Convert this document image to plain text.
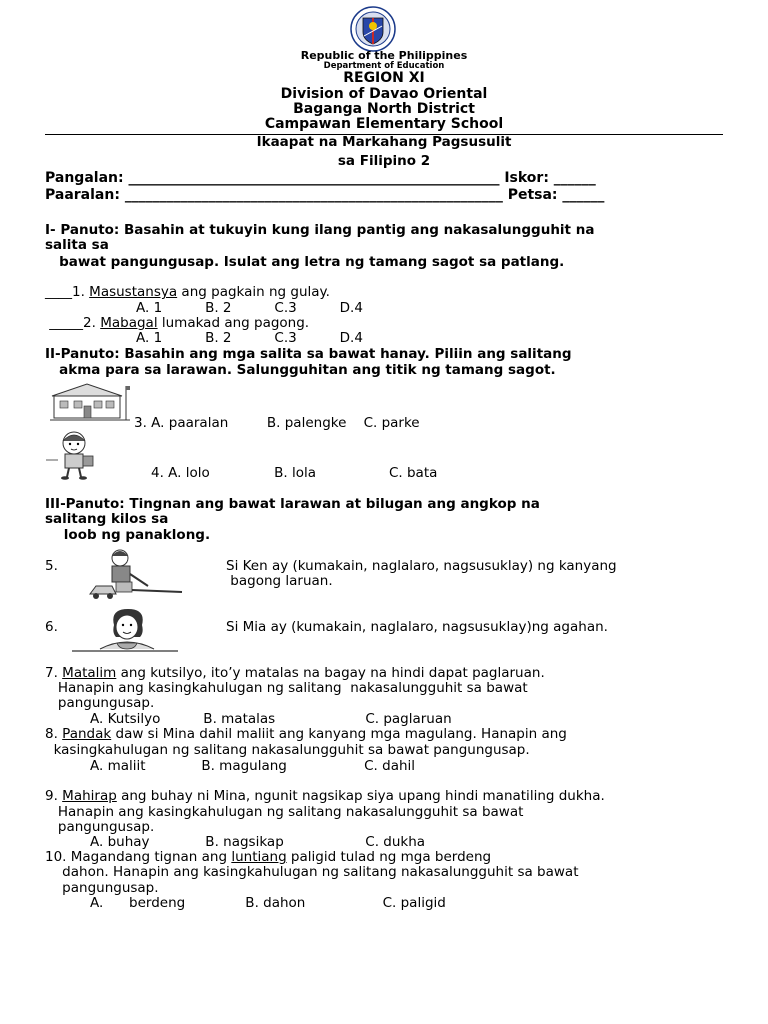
Republic of the Philippines
Department of Education
REGION XI
Division of Davao Oriental
Baganga North District
Campawan Elementary School
Ikaapat na Markahang Pagsusulit
sa Filipino 2
Pangalan: _____________________________________________________ Iskor: ______
Paaralan: ______________________________________________________ Petsa: ______
I- Panuto: Basahin at tukuyin kung ilang pantig ang nakasalungguhit na
salita sa
bawat pangungusap. Isulat ang letra ng tamang sagot sa patlang.
____1. Masustansya ang pagkain ng gulay.
A. 1          B. 2          C.3          D.4
_____2. Mabagal lumakad ang pagong.
A. 1          B. 2          C.3          D.4
II-Panuto: Basahin ang mga salita sa bawat hanay. Piliin ang salitang
akma para sa larawan. Salungguhitan ang titik ng tamang sagot.
3. A. paaralan         B. palengke    C. parke
4. A. lolo               B. lola                 C. bata
III-Panuto: Tingnan ang bawat larawan at bilugan ang angkop na
salitang kilos sa
loob ng panaklong.
5.	Si Ken ay (kumakain, naglalaro, nagsusuklay) ng kanyang
bagong laruan.
6.	Si Mia ay (kumakain, naglalaro, nagsusuklay)ng agahan.
7. Matalim ang kutsilyo, ito’y matalas na bagay na hindi dapat paglaruan.
Hanapin ang kasingkahulugan ng salitang  nakasalungguhit sa bawat
pangungusap.
A. Kutsilyo          B. matalas                     C. paglaruan
8. Pandak daw si Mina dahil maliit ang kanyang mga magulang. Hanapin ang
kasingkahulugan ng salitang nakasalungguhit sa bawat pangungusap.
A. maliit             B. magulang                  C. dahil
9. Mahirap ang buhay ni Mina, ngunit nagsikap siya upang hindi manatiling dukha.
Hanapin ang kasingkahulugan ng salitang nakasalungguhit sa bawat
pangungusap.
A. buhay             B. nagsikap                   C. dukha
10. Magandang tignan ang luntiang paligid tulad ng mga berdeng
dahon. Hanapin ang kasingkahulugan ng salitang nakasalungguhit sa bawat
pangungusap.
A.      berdeng              B. dahon                  C. paligid
